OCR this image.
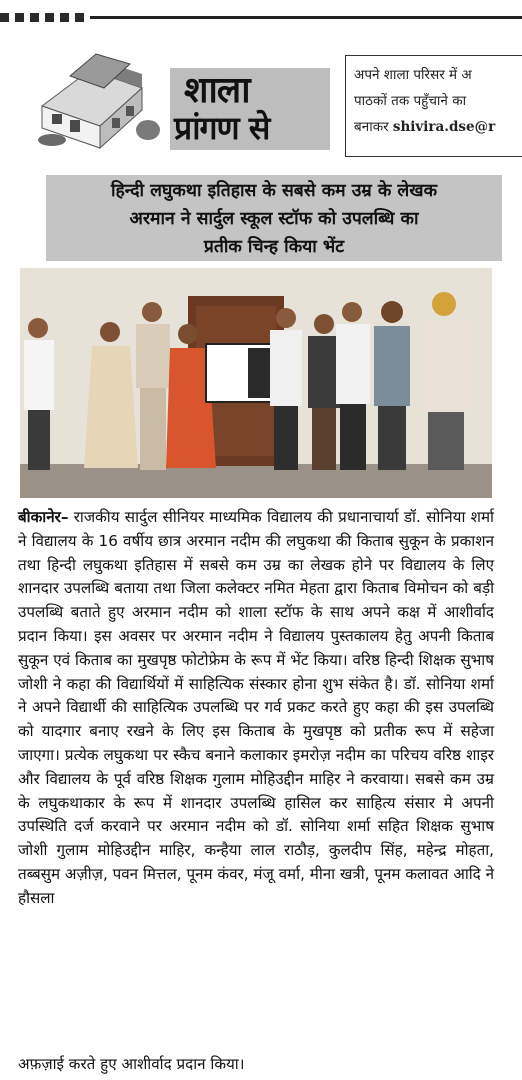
शाला
प्रांगण से
अपने शाला परिसर में अ
पाठकों तक पहुँचाने का
बनाकर shivira.dse@r
हिन्दी लघुकथा इतिहास के सबसे कम उम्र के लेखक
अरमान ने सार्दुल स्कूल स्टॉफ को उपलब्धि का
प्रतीक चिन्ह किया भेंट
बीकानेर– राजकीय सार्दुल सीनियर माध्यमिक विद्यालय की प्रधानाचार्या डॉ. सोनिया शर्मा ने विद्यालय के 16 वर्षीय छात्र अरमान नदीम की लघुकथा की किताब सुकून के प्रकाशन तथा हिन्दी लघुकथा इतिहास में सबसे कम उम्र का लेखक होने पर विद्यालय के लिए शानदार उपलब्धि बताया तथा जिला कलेक्टर नमित मेहता द्वारा किताब विमोचन को बड़ी उपलब्धि बताते हुए अरमान नदीम को शाला स्टॉफ के साथ अपने कक्ष में आशीर्वाद प्रदान किया। इस अवसर पर अरमान नदीम ने विद्यालय पुस्तकालय हेतु अपनी किताब सुकून एवं किताब का मुखपृष्ठ फोटोफ्रेम के रूप में भेंट किया। वरिष्ठ हिन्दी शिक्षक सुभाष जोशी ने कहा की विद्यार्थियों में साहित्यिक संस्कार होना शुभ संकेत है। डॉ. सोनिया शर्मा ने अपने विद्यार्थी की साहित्यिक उपलब्धि पर गर्व प्रकट करते हुए कहा की इस उपलब्धि को यादगार बनाए रखने के लिए इस किताब के मुखपृष्ठ को प्रतीक रूप में सहेजा जाएगा। प्रत्येक लघुकथा पर स्कैच बनाने कलाकार इमरोज़ नदीम का परिचय वरिष्ठ शाइर और विद्यालय के पूर्व वरिष्ठ शिक्षक गुलाम मोहिउद्दीन माहिर ने करवाया। सबसे कम उम्र के लघुकथाकार के रूप में शानदार उपलब्धि हासिल कर साहित्य संसार मे अपनी उपस्थिति दर्ज करवाने पर अरमान नदीम को डॉ. सोनिया शर्मा सहित शिक्षक सुभाष जोशी गुलाम मोहिउद्दीन माहिर, कन्हैया लाल राठौड़, कुलदीप सिंह, महेन्द्र मोहता, तब्बसुम अज़ीज़, पवन मित्तल, पूनम कंवर, मंजू वर्मा, मीना खत्री, पूनम कलावत आदि ने हौसला
अफ़ज़ाई करते हुए आशीर्वाद प्रदान किया।
